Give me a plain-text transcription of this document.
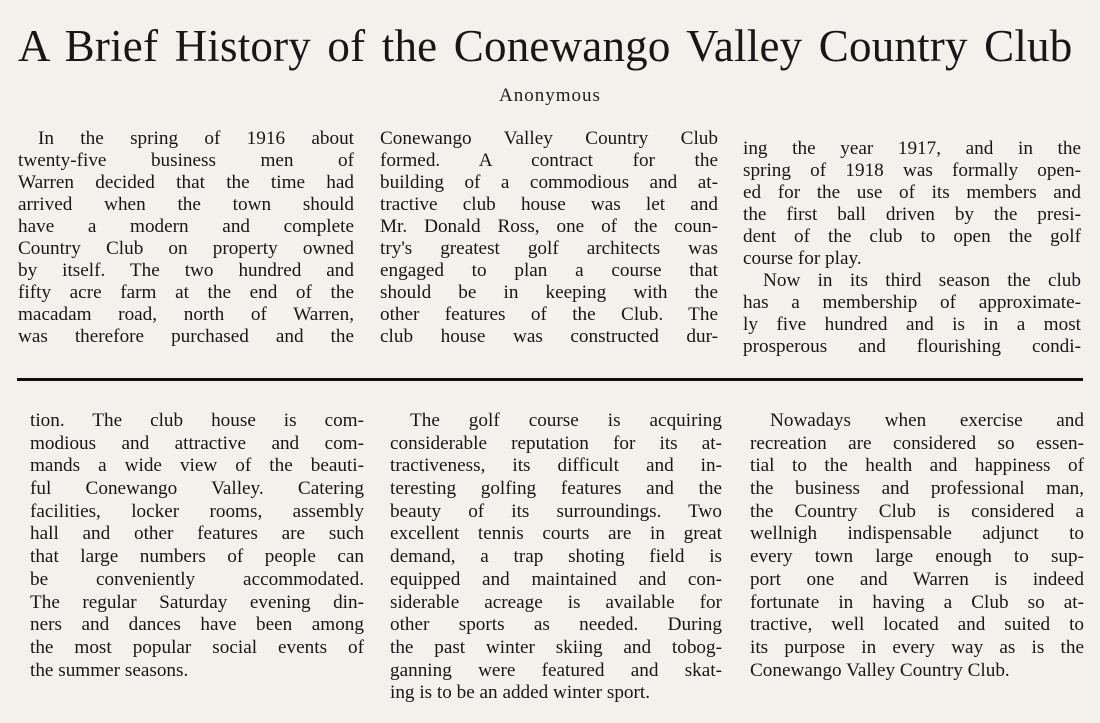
A Brief History of the Conewango Valley Country Club
Anonymous
In the spring of 1916 about
twenty-five business men of
Warren decided that the time had
arrived when the town should
have a modern and complete
Country Club on property owned
by itself. The two hundred and
fifty acre farm at the end of the
macadam road, north of Warren,
was therefore purchased and the
Conewango Valley Country Club
formed. A contract for the
building of a commodious and at-
tractive club house was let and
Mr. Donald Ross, one of the coun-
try's greatest golf architects was
engaged to plan a course that
should be in keeping with the
other features of the Club. The
club house was constructed dur-
ing the year 1917, and in the
spring of 1918 was formally open-
ed for the use of its members and
the first ball driven by the presi-
dent of the club to open the golf
course for play.
Now in its third season the club
has a membership of approximate-
ly five hundred and is in a most
prosperous and flourishing condi-
tion. The club house is com-
modious and attractive and com-
mands a wide view of the beauti-
ful Conewango Valley. Catering
facilities, locker rooms, assembly
hall and other features are such
that large numbers of people can
be conveniently accommodated.
The regular Saturday evening din-
ners and dances have been among
the most popular social events of
the summer seasons.
The golf course is acquiring
considerable reputation for its at-
tractiveness, its difficult and in-
teresting golfing features and the
beauty of its surroundings. Two
excellent tennis courts are in great
demand, a trap shoting field is
equipped and maintained and con-
siderable acreage is available for
other sports as needed. During
the past winter skiing and tobog-
ganning were featured and skat-
ing is to be an added winter sport.
Nowadays when exercise and
recreation are considered so essen-
tial to the health and happiness of
the business and professional man,
the Country Club is considered a
wellnigh indispensable adjunct to
every town large enough to sup-
port one and Warren is indeed
fortunate in having a Club so at-
tractive, well located and suited to
its purpose in every way as is the
Conewango Valley Country Club.
